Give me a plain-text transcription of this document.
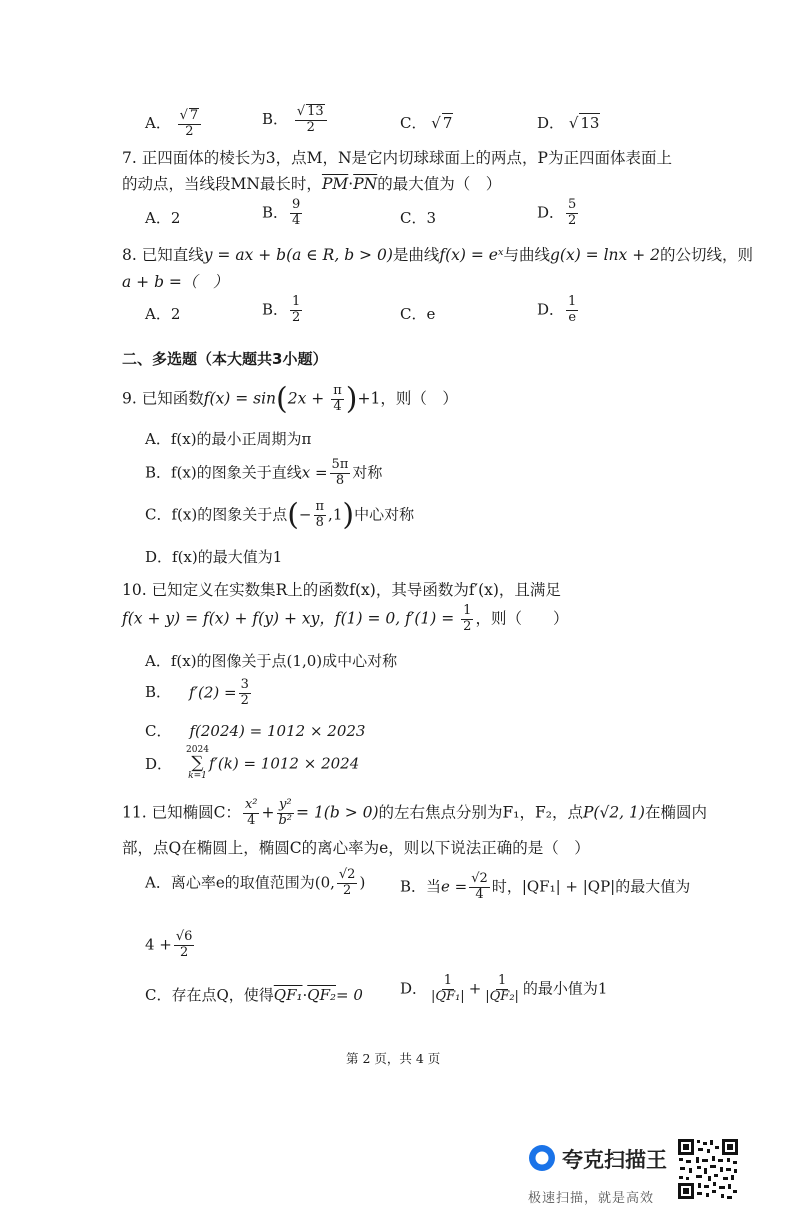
A． √ $\frac{7}{2}$	B． √ $\frac{13}{2}$	C． √ 7	D． √ 13
7. 正四面体的棱长为3，点M，N是它内切球球面上的两点，P为正四面体表面上
的动点，当线段MN最长时，$\overline{PM}\cdot\overline{PN}$的最大值为（　）
A．2	B． $\frac{9}{4}$	C．3	D． $\frac{5}{2}$
8. 已知直线y = ax + b(a ∈ R, b > 0)是曲线f(x) = eˣ与曲线g(x) = lnx + 2的公切线，则
a + b =（　）
A．2	B． $\frac{1}{2}$	C．e	D． $\frac{1}{e}$
二、多选题（本大题共3小题）
9. 已知函数$f(x) = \sin(2x + \frac{\pi}{4} )+1$，则（　）
A．f(x)的最小正周期为π
B．f(x)的图象关于直线$x = \frac{5\pi}{8}$ 对称
C．f(x)的图象关于点(− $\frac{\pi}{8} ,1$)中心对称
D．f(x)的最大值为1
10. 已知定义在实数集R上的函数f(x)，其导函数为f′(x)，且满足
f(x + y) = f(x) + f(y) + xy，f(1) = 0, $f'(1) = \frac{1}{2}$ ，则（　　）
A．f(x)的图像关于点(1,0)成中心对称
B． $f'(2) = \frac{3}{2}$
C． f(2024) = 1012 × 2023
D．
2024
∑
k=1
f′(k) = 1012 × 2024
11. 已知椭圆C： $\frac{\text{x²}}{4} + \frac{\text{y²}}{\text{b²}} = 1(b > 0)$的左右焦点分别为F₁，F₂，点P(√2, 1)在椭圆内
部，点Q在椭圆上，椭圆C的离心率为e，则以下说法正确的是（　）
A．离心率e的取值范围为(0, $\frac{√2}{2}$ ) B．当$e = \frac{√2}{4}$ 时，|QF₁| + |QP|的最大值为
$4 + \frac{√6}{2}$
C．存在点Q，使得QF₁·QF₂= 0 D． $\frac{1}{\text{|QF₁|}} + \frac{1}{\text{|QF₂|}}$ 的最小值为1
第 2 页，共 4 页
夸克扫描王
极速扫描，就是高效
